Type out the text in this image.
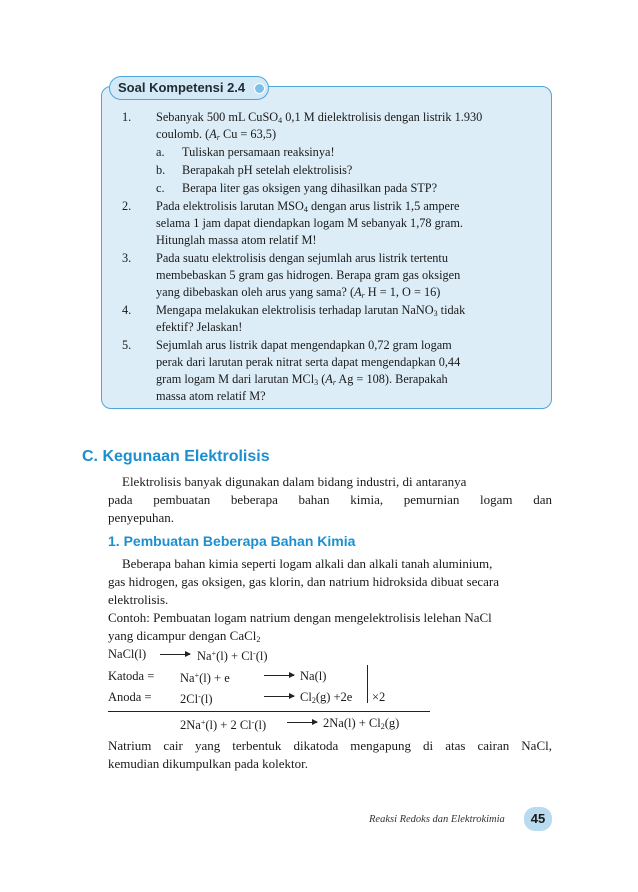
Soal Kompetensi 2.4
1. Sebanyak 500 mL CuSO$_4$ 0,1 M dielektrolisis dengan listrik 1.930
coulomb. ($A_r$ Cu = 63,5)
a. Tuliskan persamaan reaksinya!
b. Berapakah pH setelah elektrolisis?
c. Berapa liter gas oksigen yang dihasilkan pada STP?
2. Pada elektrolisis larutan $MSO_4$ dengan arus listrik 1,5 ampere
selama 1 jam dapat diendapkan logam M sebanyak 1,78 gram.
Hitunglah massa atom relatif M!
3. Pada suatu elektrolisis dengan sejumlah arus listrik tertentu
membebaskan 5 gram gas hidrogen. Berapa gram gas oksigen
yang dibebaskan oleh arus yang sama? ($A_r$ H = 1, O = 16)
4. Mengapa melakukan elektrolisis terhadap larutan NaNO$_3$ tidak
efektif? Jelaskan!
5. Sejumlah arus listrik dapat mengendapkan 0,72 gram logam
perak dari larutan perak nitrat serta dapat mengendapkan 0,44
gram logam M dari larutan MCl$_3$ ($A_r$ Ag = 108). Berapakah
massa atom relatif M?
C. Kegunaan Elektrolisis
Elektrolisis banyak digunakan dalam bidang industri, di antaranya
pada pembuatan beberapa bahan kimia, pemurnian logam dan
penyepuhan.
1. Pembuatan Beberapa Bahan Kimia
Beberapa bahan kimia seperti logam alkali dan alkali tanah aluminium,
gas hidrogen, gas oksigen, gas klorin, dan natrium hidroksida dibuat secara
elektrolisis.
Contoh: Pembuatan logam natrium dengan mengelektrolisis lelehan NaCl
yang dicampur dengan CaCl$_2$
NaCl(l) → Na+(l) + Cl-(l)
Katoda = Na+(l) + e	Na(l)
Anoda = 2Cl-(l)	$Cl_2(g) +2e \times 2$
2Na+(l) + 2 Cl-(l)	$2Na(l) + Cl_2(g)$
Natrium cair yang terbentuk dikatoda mengapung di atas cairan NaCl,
kemudian dikumpulkan pada kolektor.
Reaksi Redoks dan Elektrokimia	45
